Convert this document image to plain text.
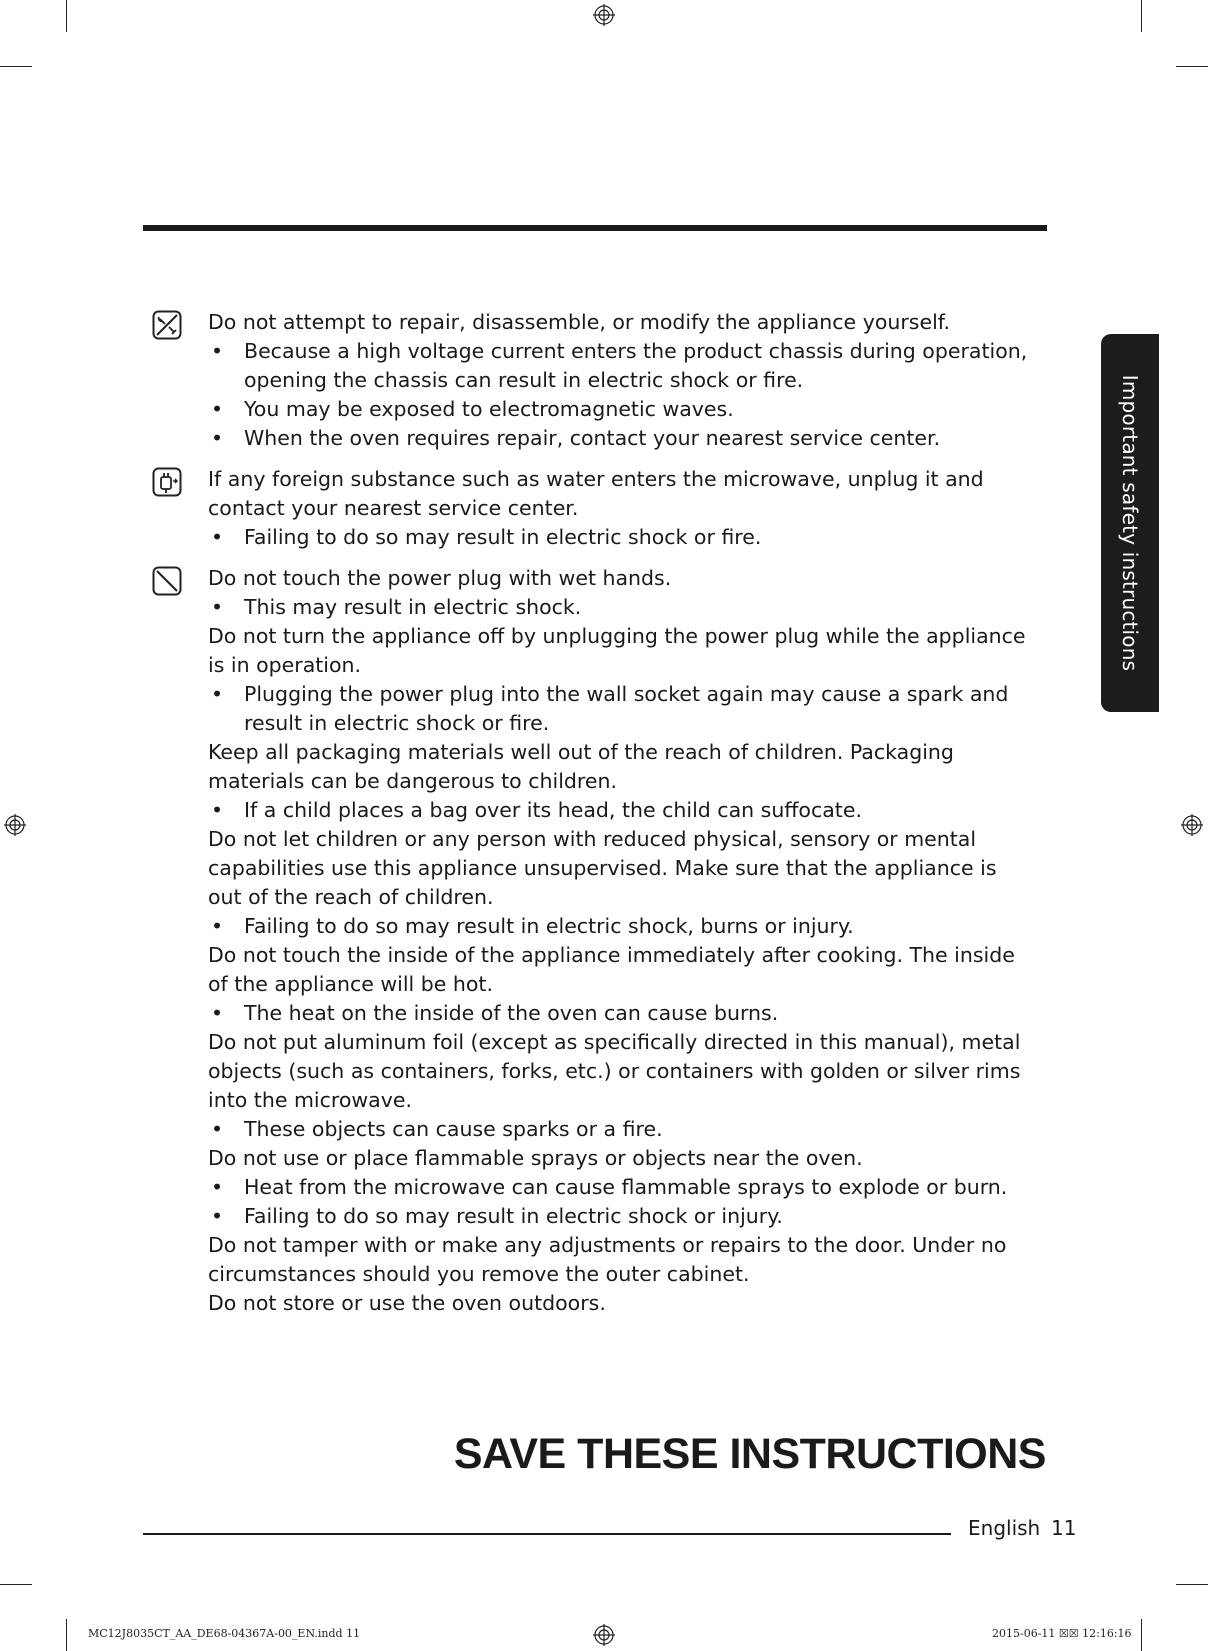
Important safety instructions

Do not attempt to repair, disassemble, or modify the appliance yourself.

• Because a high voltage current enters the product chassis during operation, opening the chassis can result in electric shock or fire.

• You may be exposed to electromagnetic waves.

• When the oven requires repair, contact your nearest service center.

If any foreign substance such as water enters the microwave, unplug it and contact your nearest service center.

• Failing to do so may result in electric shock or fire.

Do not touch the power plug with wet hands.

• This may result in electric shock.

Do not turn the appliance off by unplugging the power plug while the appliance is in operation.

• Plugging the power plug into the wall socket again may cause a spark and result in electric shock or fire.

Keep all packaging materials well out of the reach of children. Packaging materials can be dangerous to children.

• If a child places a bag over its head, the child can suffocate.

Do not let children or any person with reduced physical, sensory or mental capabilities use this appliance unsupervised. Make sure that the appliance is out of the reach of children.

• Failing to do so may result in electric shock, burns or injury.

Do not touch the inside of the appliance immediately after cooking. The inside of the appliance will be hot.

• The heat on the inside of the oven can cause burns.

Do not put aluminum foil (except as specifically directed in this manual), metal objects (such as containers, forks, etc.) or containers with golden or silver rims into the microwave.

• These objects can cause sparks or a fire.

Do not use or place flammable sprays or objects near the oven.

• Heat from the microwave can cause flammable sprays to explode or burn.

• Failing to do so may result in electric shock or injury.

Do not tamper with or make any adjustments or repairs to the door. Under no circumstances should you remove the outer cabinet.

Do not store or use the oven outdoors.

SAVE THESE INSTRUCTIONS
English 11
MC12J8035CT_AA_DE68-04367A-00_EN.indd 11	2015-06-11 ☒☒ 12:16:16
